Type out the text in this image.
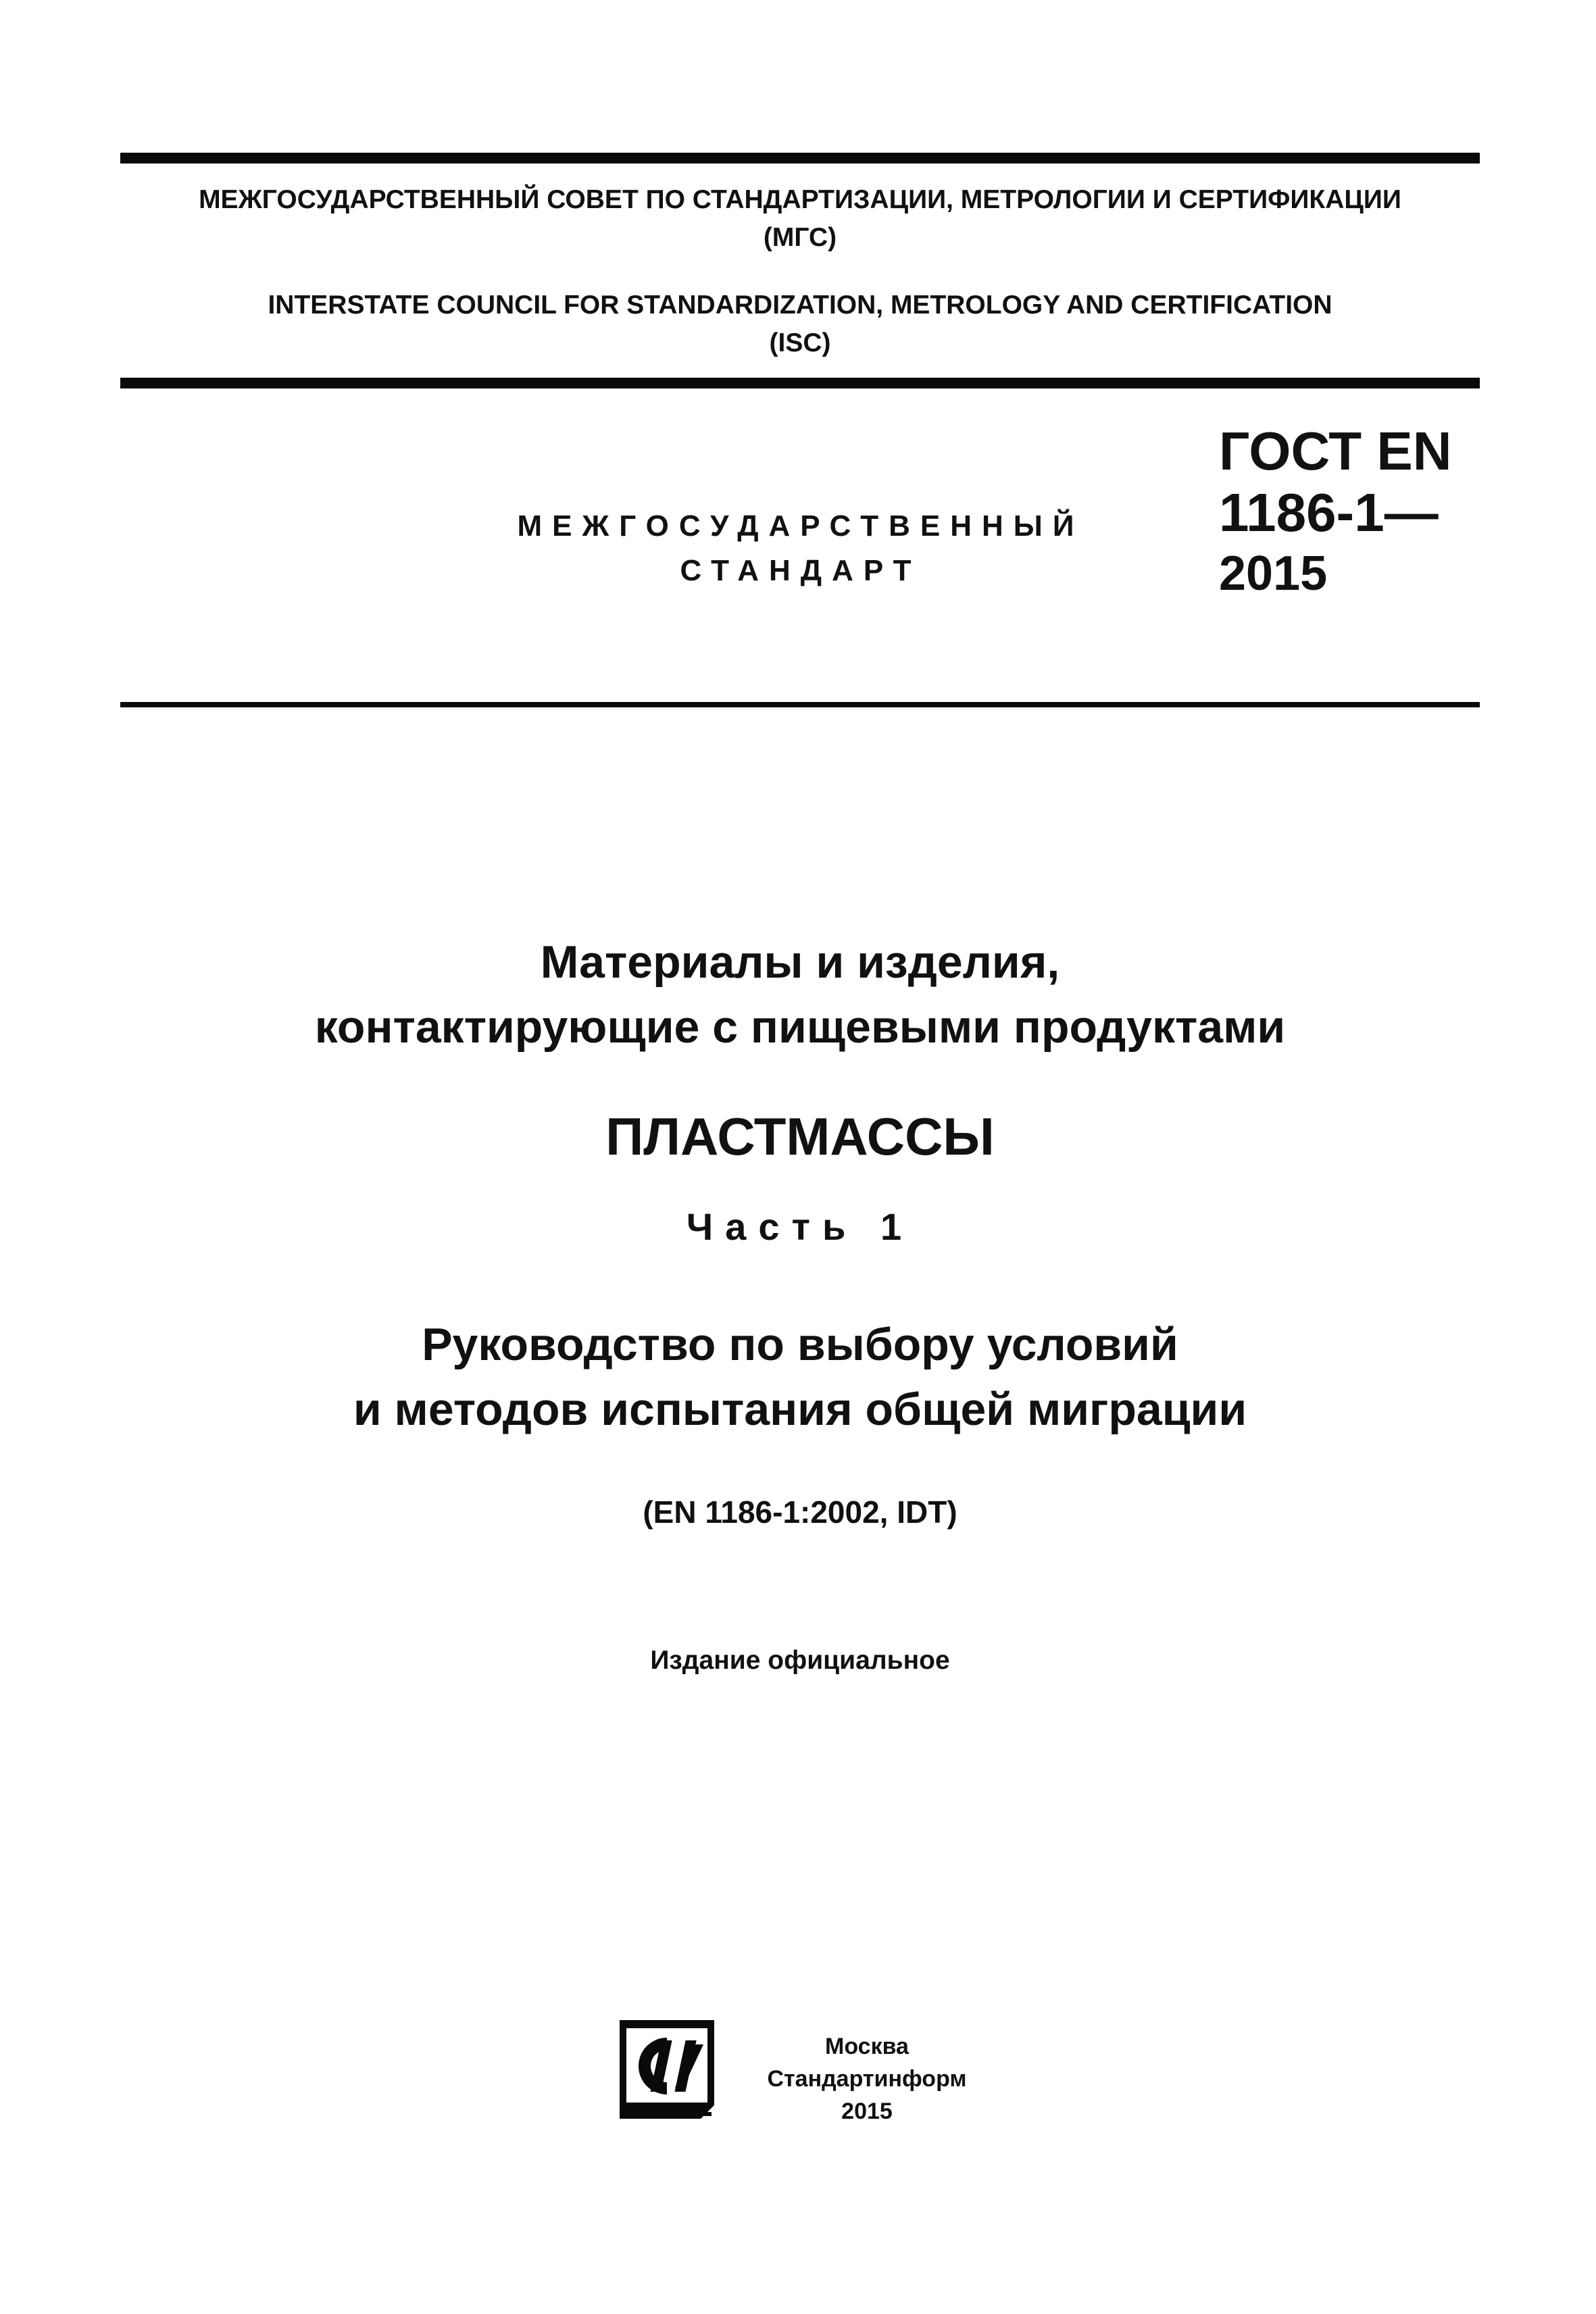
МЕЖГОСУДАРСТВЕННЫЙ СОВЕТ ПО СТАНДАРТИЗАЦИИ, МЕТРОЛОГИИ И СЕРТИФИКАЦИИ
(МГС)
INTERSTATE COUNCIL FOR STANDARDIZATION, METROLOGY AND CERTIFICATION
(ISC)
МЕЖГОСУДАРСТВЕННЫЙ
СТАНДАРТ
ГОСТ EN
1186-1—
2015
Материалы и изделия,
контактирующие с пищевыми продуктами
ПЛАСТМАССЫ
Часть 1
Руководство по выбору условий
и методов испытания общей миграции
(EN 1186-1:2002, IDT)
Издание официальное
Москва
Стандартинформ
2015
